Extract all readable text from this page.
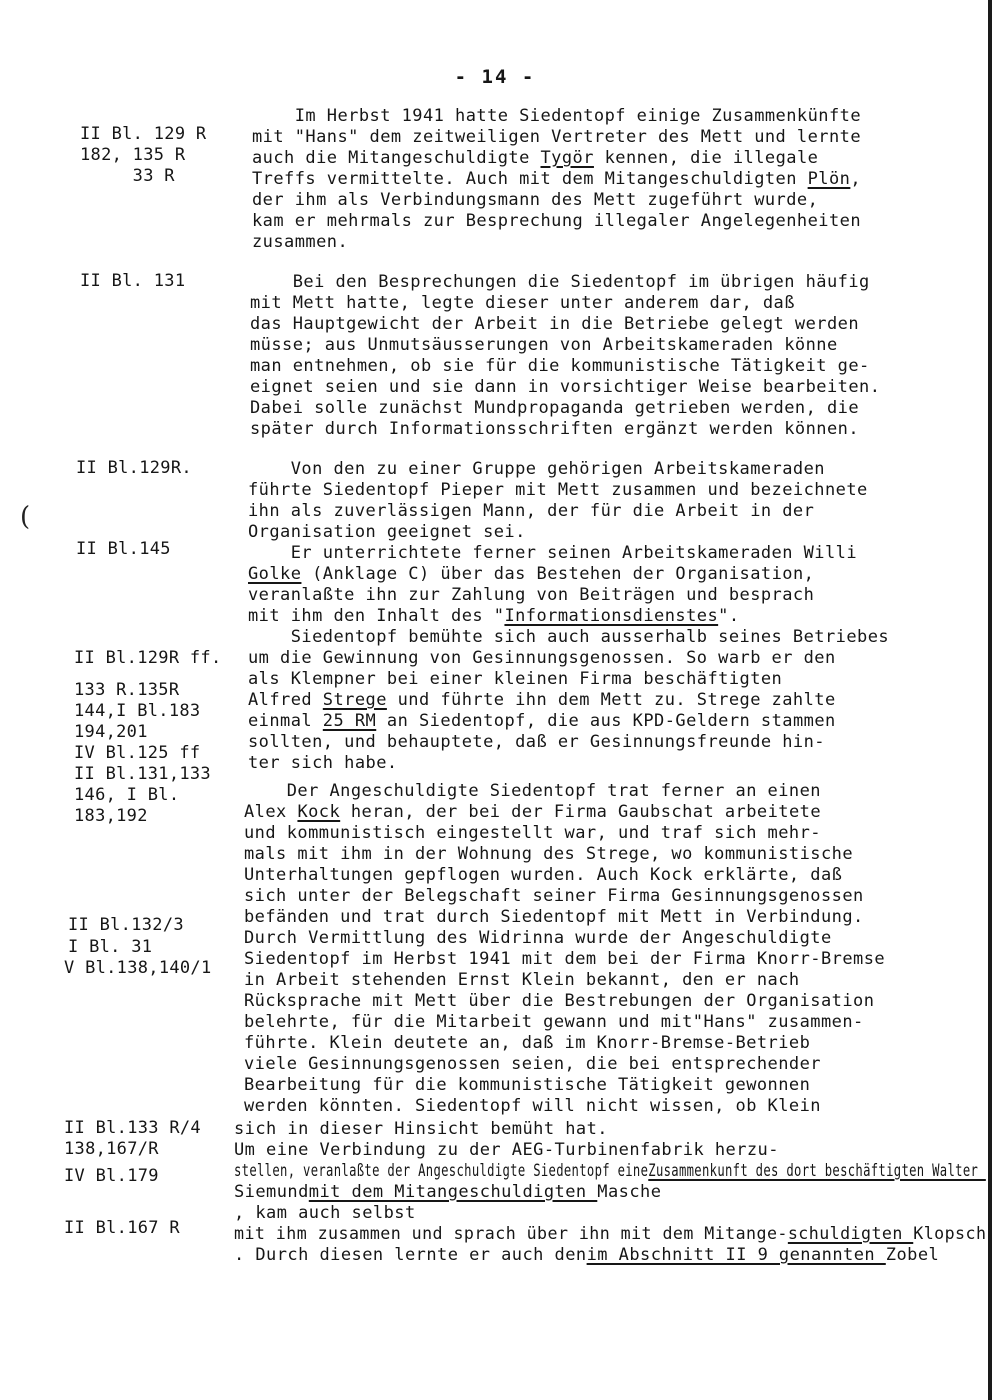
- 14 -
(
II Bl. 129 R
182, 135 R
33 R
II Bl. 131
II Bl.129R.
II Bl.145
II Bl.129R ff.
133 R.135R
144,I Bl.183
194,201
IV Bl.125 ff
II Bl.131,133
146, I Bl.
183,192
II Bl.132/3
I Bl. 31
V Bl.138,140/1
II Bl.133 R/4
138,167/R
IV Bl.179
II Bl.167 R
Im Herbst 1941 hatte Siedentopf einige Zusammenkünfte
mit "Hans" dem zeitweiligen Vertreter des Mett und lernte
auch die Mitangeschuldigte Tygör kennen, die illegale
Treffs vermittelte. Auch mit dem Mitangeschuldigten Plön,
der ihm als Verbindungsmann des Mett zugeführt wurde,
kam er mehrmals zur Besprechung illegaler Angelegenheiten
zusammen.
Bei den Besprechungen die Siedentopf im übrigen häufig
mit Mett hatte, legte dieser unter anderem dar, daß
das Hauptgewicht der Arbeit in die Betriebe gelegt werden
müsse; aus Unmutsäusserungen von Arbeitskameraden könne
man entnehmen, ob sie für die kommunistische Tätigkeit ge-
eignet seien und sie dann in vorsichtiger Weise bearbeiten.
Dabei solle zunächst Mundpropaganda getrieben werden, die
später durch Informationsschriften ergänzt werden können.
Von den zu einer Gruppe gehörigen Arbeitskameraden
führte Siedentopf Pieper mit Mett zusammen und bezeichnete
ihn als zuverlässigen Mann, der für die Arbeit in der
Organisation geeignet sei.
Er unterrichtete ferner seinen Arbeitskameraden Willi
Golke (Anklage C) über das Bestehen der Organisation,
veranlaßte ihn zur Zahlung von Beiträgen und besprach
mit ihm den Inhalt des "Informationsdienstes".
Siedentopf bemühte sich auch ausserhalb seines Betriebes
um die Gewinnung von Gesinnungsgenossen. So warb er den
als Klempner bei einer kleinen Firma beschäftigten
Alfred Strege und führte ihn dem Mett zu. Strege zahlte
einmal 25 RM an Siedentopf, die aus KPD-Geldern stammen
sollten, und behauptete, daß er Gesinnungsfreunde hin-
ter sich habe.
Der Angeschuldigte Siedentopf trat ferner an einen
Alex Kock heran, der bei der Firma Gaubschat arbeitete
und kommunistisch eingestellt war, und traf sich mehr-
mals mit ihm in der Wohnung des Strege, wo kommunistische
Unterhaltungen gepflogen wurden. Auch Kock erklärte, daß
sich unter der Belegschaft seiner Firma Gesinnungsgenossen
befänden und trat durch Siedentopf mit Mett in Verbindung.
Durch Vermittlung des Widrinna wurde der Angeschuldigte
Siedentopf im Herbst 1941 mit dem bei der Firma Knorr-Bremse
in Arbeit stehenden Ernst Klein bekannt, den er nach
Rücksprache mit Mett über die Bestrebungen der Organisation
belehrte, für die Mitarbeit gewann und mit"Hans" zusammen-
führte. Klein deutete an, daß im Knorr-Bremse-Betrieb
viele Gesinnungsgenossen seien, die bei entsprechender
Bearbeitung für die kommunistische Tätigkeit gewonnen
werden könnten. Siedentopf will nicht wissen, ob Klein
sich in dieser Hinsicht bemüht hat.
Um eine Verbindung zu der AEG-Turbinenfabrik herzu-
stellen, veranlaßte der Angeschuldigte Siedentopf eineZusammenkunft des dort beschäftigten Walter
Siemundmit dem Mitangeschuldigten Masche
, kam auch selbst
mit ihm zusammen und sprach über ihn mit dem Mitange-schuldigten Klopsch
. Durch diesen lernte er auch denim Abschnitt II 9 genannten Zobel
